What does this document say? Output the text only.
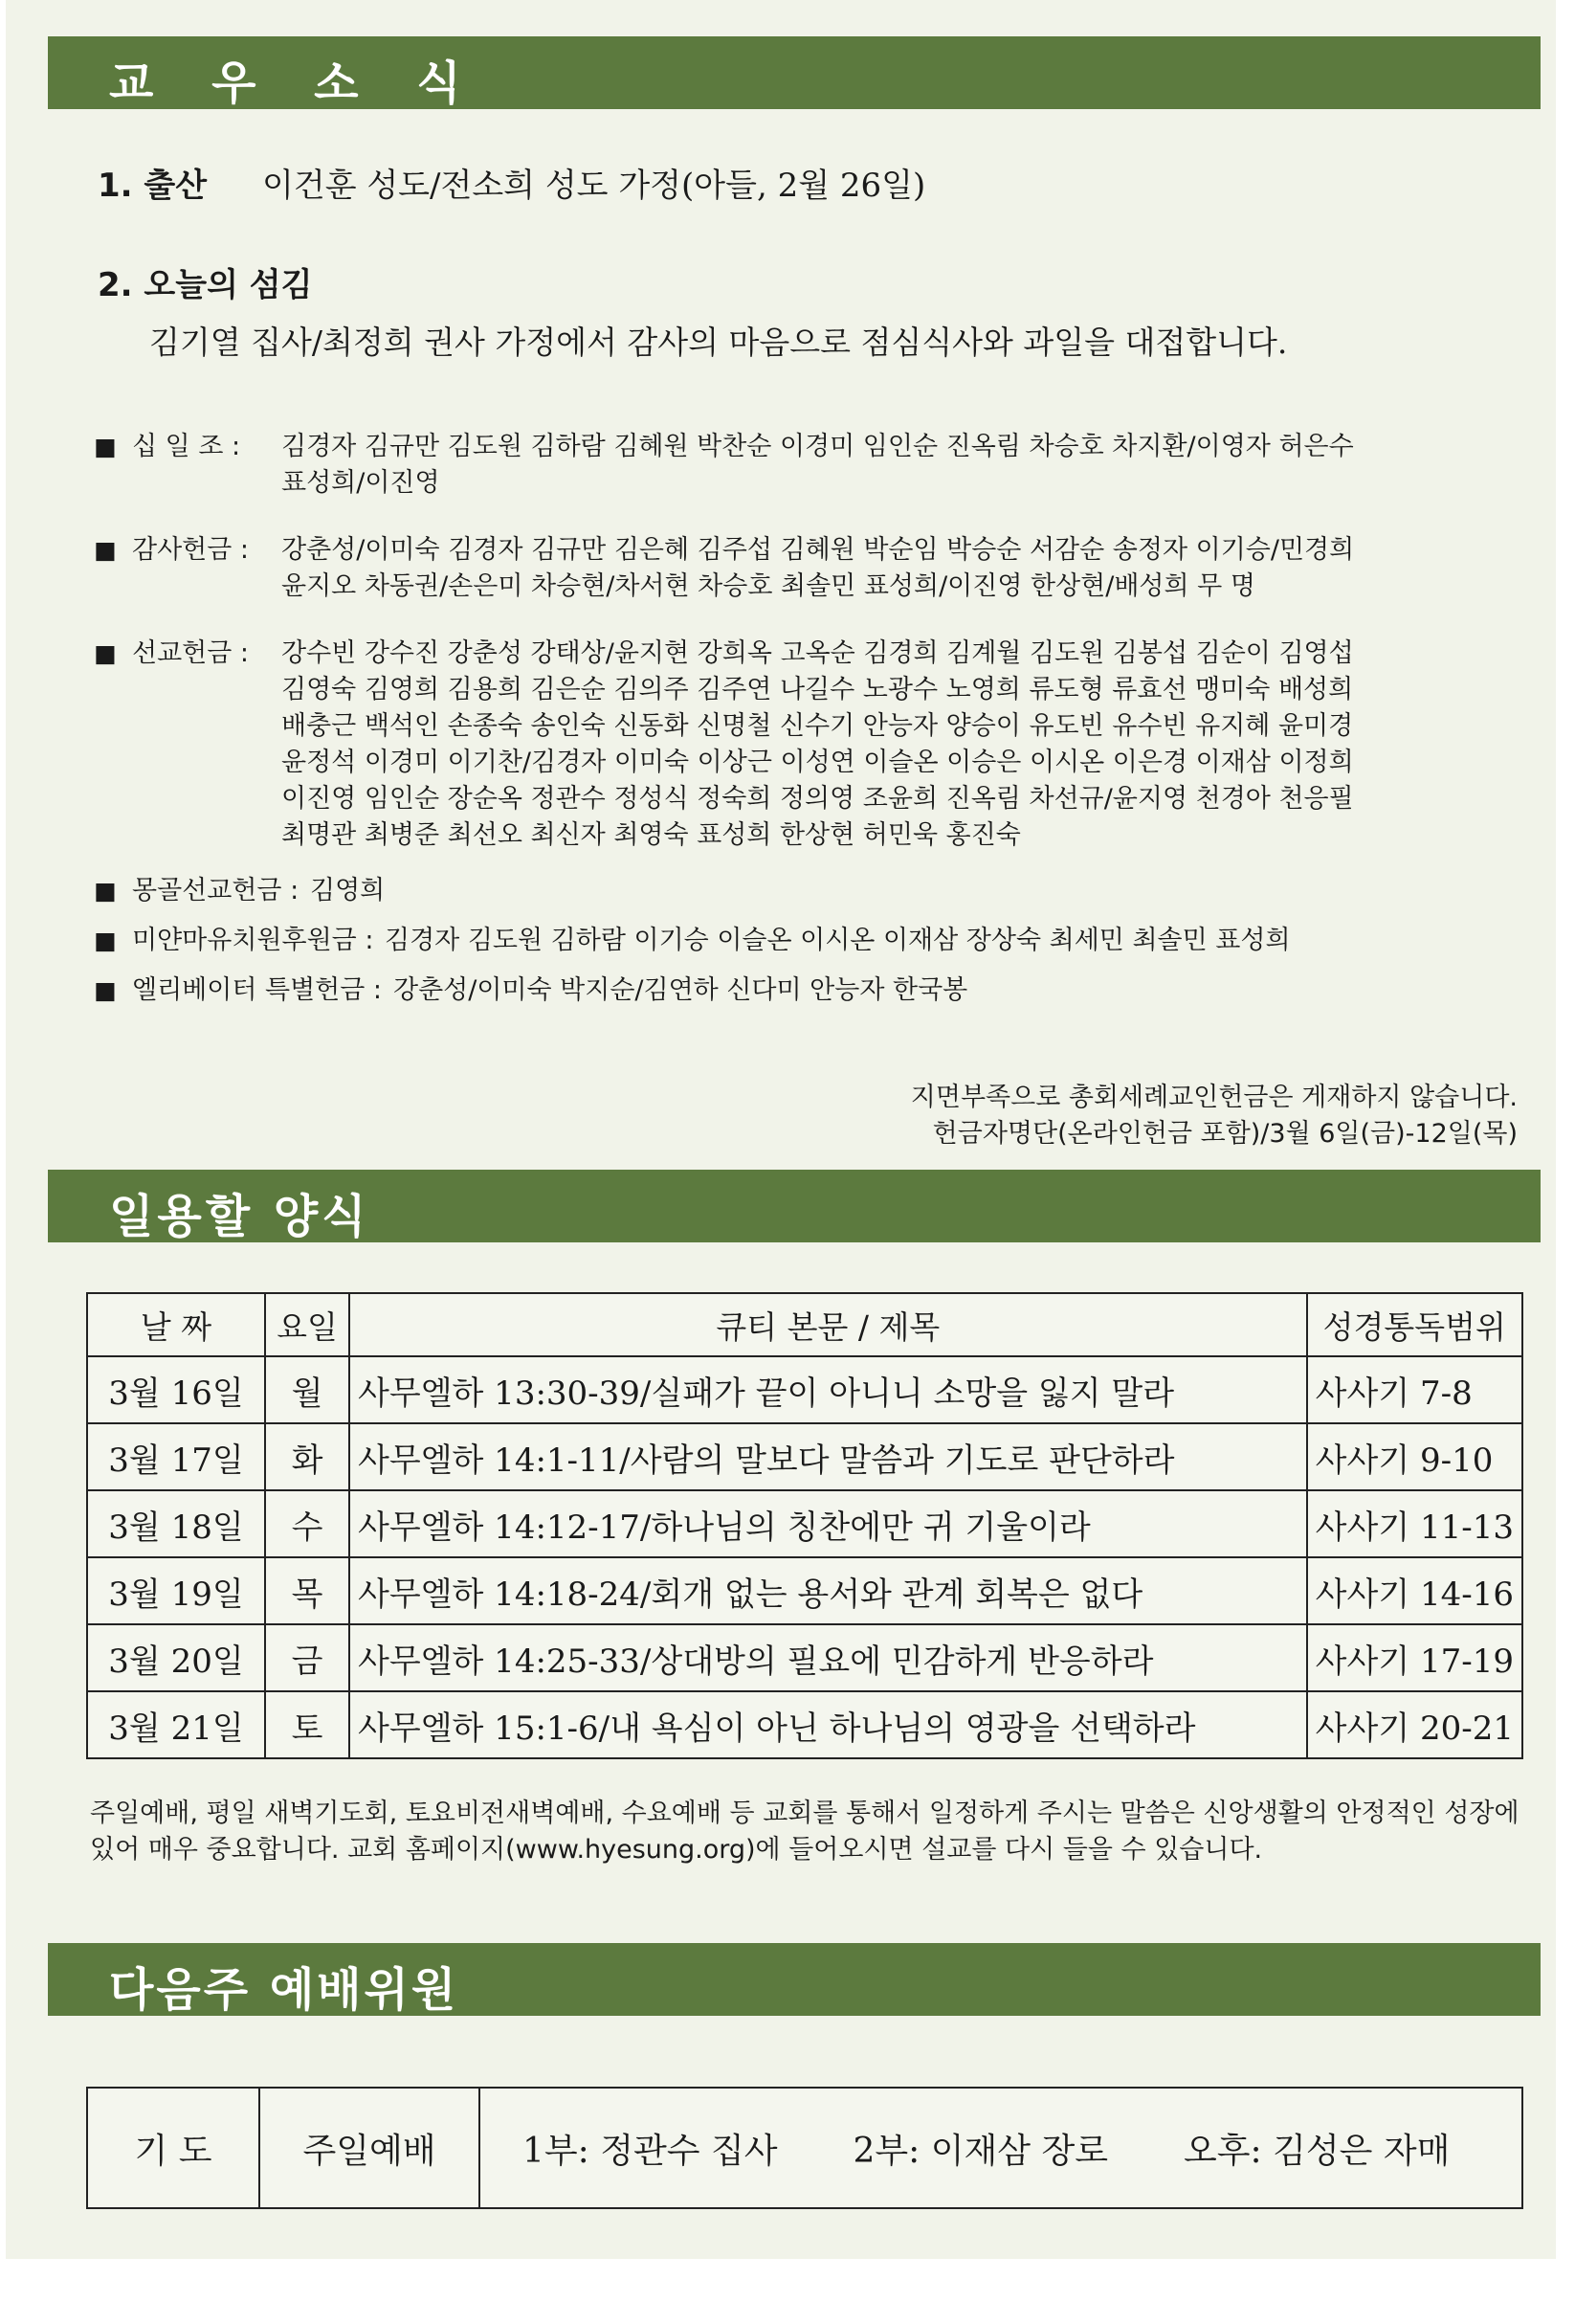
교 우 소 식
1. 출산 이건훈 성도/전소희 성도 가정(아들, 2월 26일)
2. 오늘의 섬김
김기열 집사/최정희 권사 가정에서 감사의 마음으로 점심식사와 과일을 대접합니다.
■ 십 일 조 : 김경자 김규만 김도원 김하람 김혜원 박찬순 이경미 임인순 진옥림 차승호 차지환/이영자 허은수
표성희/이진영
■ 감사헌금 : 강춘성/이미숙 김경자 김규만 김은혜 김주섭 김혜원 박순임 박승순 서감순 송정자 이기승/민경희
윤지오 차동권/손은미 차승현/차서현 차승호 최솔민 표성희/이진영 한상현/배성희 무 명
■ 선교헌금 : 강수빈 강수진 강춘성 강태상/윤지현 강희옥 고옥순 김경희 김계월 김도원 김봉섭 김순이 김영섭
김영숙 김영희 김용희 김은순 김의주 김주연 나길수 노광수 노영희 류도형 류효선 맹미숙 배성희
배충근 백석인 손종숙 송인숙 신동화 신명철 신수기 안능자 양승이 유도빈 유수빈 유지혜 윤미경
윤정석 이경미 이기찬/김경자 이미숙 이상근 이성연 이슬온 이승은 이시온 이은경 이재삼 이정희
이진영 임인순 장순옥 정관수 정성식 정숙희 정의영 조윤희 진옥림 차선규/윤지영 천경아 천응필
최명관 최병준 최선오 최신자 최영숙 표성희 한상현 허민욱 홍진숙
■ 몽골선교헌금 : 김영희
■ 미얀마유치원후원금 : 김경자 김도원 김하람 이기승 이슬온 이시온 이재삼 장상숙 최세민 최솔민 표성희
■ 엘리베이터 특별헌금 : 강춘성/이미숙 박지순/김연하 신다미 안능자 한국봉
지면부족으로 총회세례교인헌금은 게재하지 않습니다.
헌금자명단(온라인헌금 포함)/3월 6일(금)-12일(목)
일용할 양식
날 짜	요일	큐티 본문 / 제목	성경통독범위
3월 16일	월	사무엘하 13:30-39/실패가 끝이 아니니 소망을 잃지 말라	사사기 7-8
3월 17일	화	사무엘하 14:1-11/사람의 말보다 말씀과 기도로 판단하라	사사기 9-10
3월 18일	수	사무엘하 14:12-17/하나님의 칭찬에만 귀 기울이라	사사기 11-13
3월 19일	목	사무엘하 14:18-24/회개 없는 용서와 관계 회복은 없다	사사기 14-16
3월 20일	금	사무엘하 14:25-33/상대방의 필요에 민감하게 반응하라	사사기 17-19
3월 21일	토	사무엘하 15:1-6/내 욕심이 아닌 하나님의 영광을 선택하라	사사기 20-21
주일예배, 평일 새벽기도회, 토요비전새벽예배, 수요예배 등 교회를 통해서 일정하게 주시는 말씀은 신앙생활의 안정적인 성장에 있어 매우 중요합니다. 교회 홈페이지(www.hyesung.org)에 들어오시면 설교를 다시 들을 수 있습니다.
다음주 예배위원
기 도	주일예배	1부: 정관수 집사 2부: 이재삼 장로 오후: 김성은 자매
